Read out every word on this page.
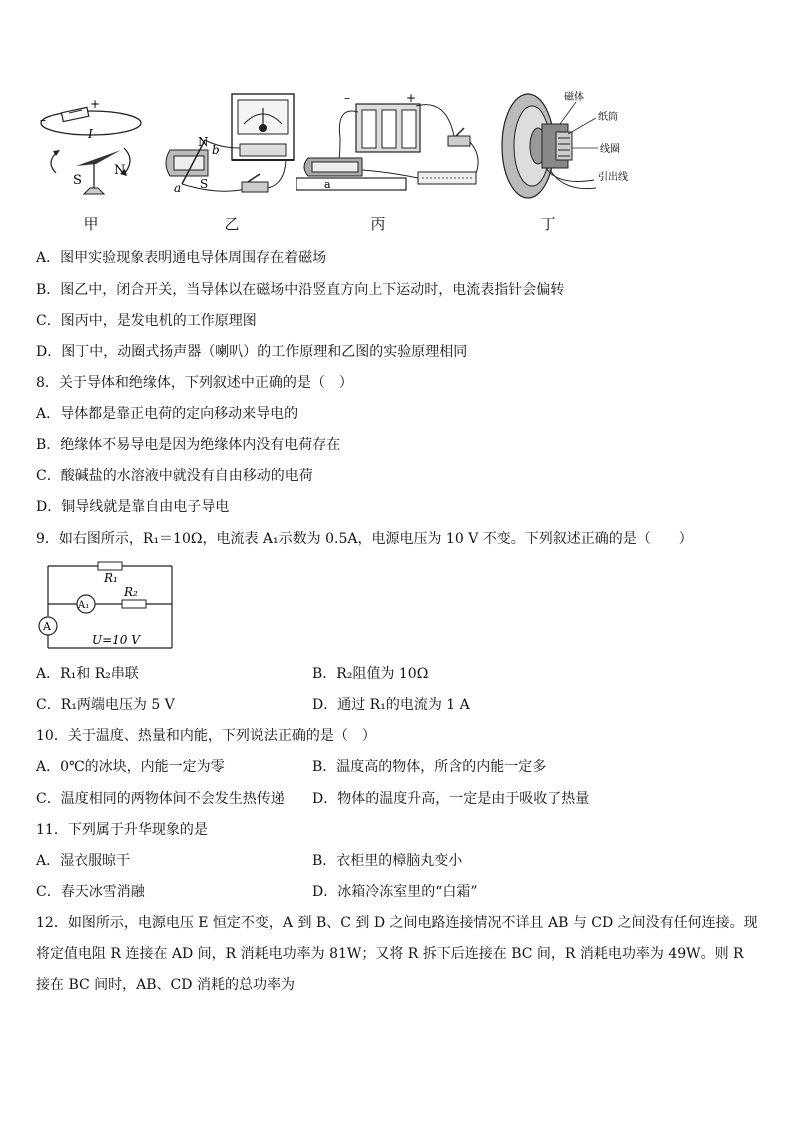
–
+
I
S
N
甲
N
S
a
b
乙
–	+
a
丙
磁体
纸筒
线圈
引出线
丁
A．图甲实验现象表明通电导体周围存在着磁场
B．图乙中，闭合开关，当导体以在磁场中沿竖直方向上下运动时，电流表指针会偏转
C．图丙中，是发电机的工作原理图
D．图丁中，动圈式扬声器（喇叭）的工作原理和乙图的实验原理相同
8．关于导体和绝缘体，下列叙述中正确的是（　）
A．导体都是靠正电荷的定向移动来导电的
B．绝缘体不易导电是因为绝缘体内没有电荷存在
C．酸碱盐的水溶液中就没有自由移动的电荷
D．铜导线就是靠自由电子导电
9．如右图所示，R₁＝10Ω，电流表 A₁示数为 0.5A，电源电压为 10 V 不变。下列叙述正确的是（　　）
R₁
R₂
A₁
A
U=10 V
A．R₁和 R₂串联	B．R₂阻值为 10Ω
C．R₁两端电压为 5 V	D．通过 R₁的电流为 1 A
10．关于温度、热量和内能，下列说法正确的是（　）
A．0℃的冰块，内能一定为零	B．温度高的物体，所含的内能一定多
C．温度相同的两物体间不会发生热传递 D．物体的温度升高，一定是由于吸收了热量
11．下列属于升华现象的是
A．湿衣服晾干	B．衣柜里的樟脑丸变小
C．春天冰雪消融	D．冰箱冷冻室里的“白霜”
12．如图所示，电源电压 E 恒定不变，A 到 B、C 到 D 之间电路连接情况不详且 AB 与 CD 之间没有任何连接。现将定值电阻 R 连接在 AD 间，R 消耗电功率为 81W；又将 R 拆下后连接在 BC 间，R 消耗电功率为 49W。则 R 接在 BC 间时，AB、CD 消耗的总功率为
